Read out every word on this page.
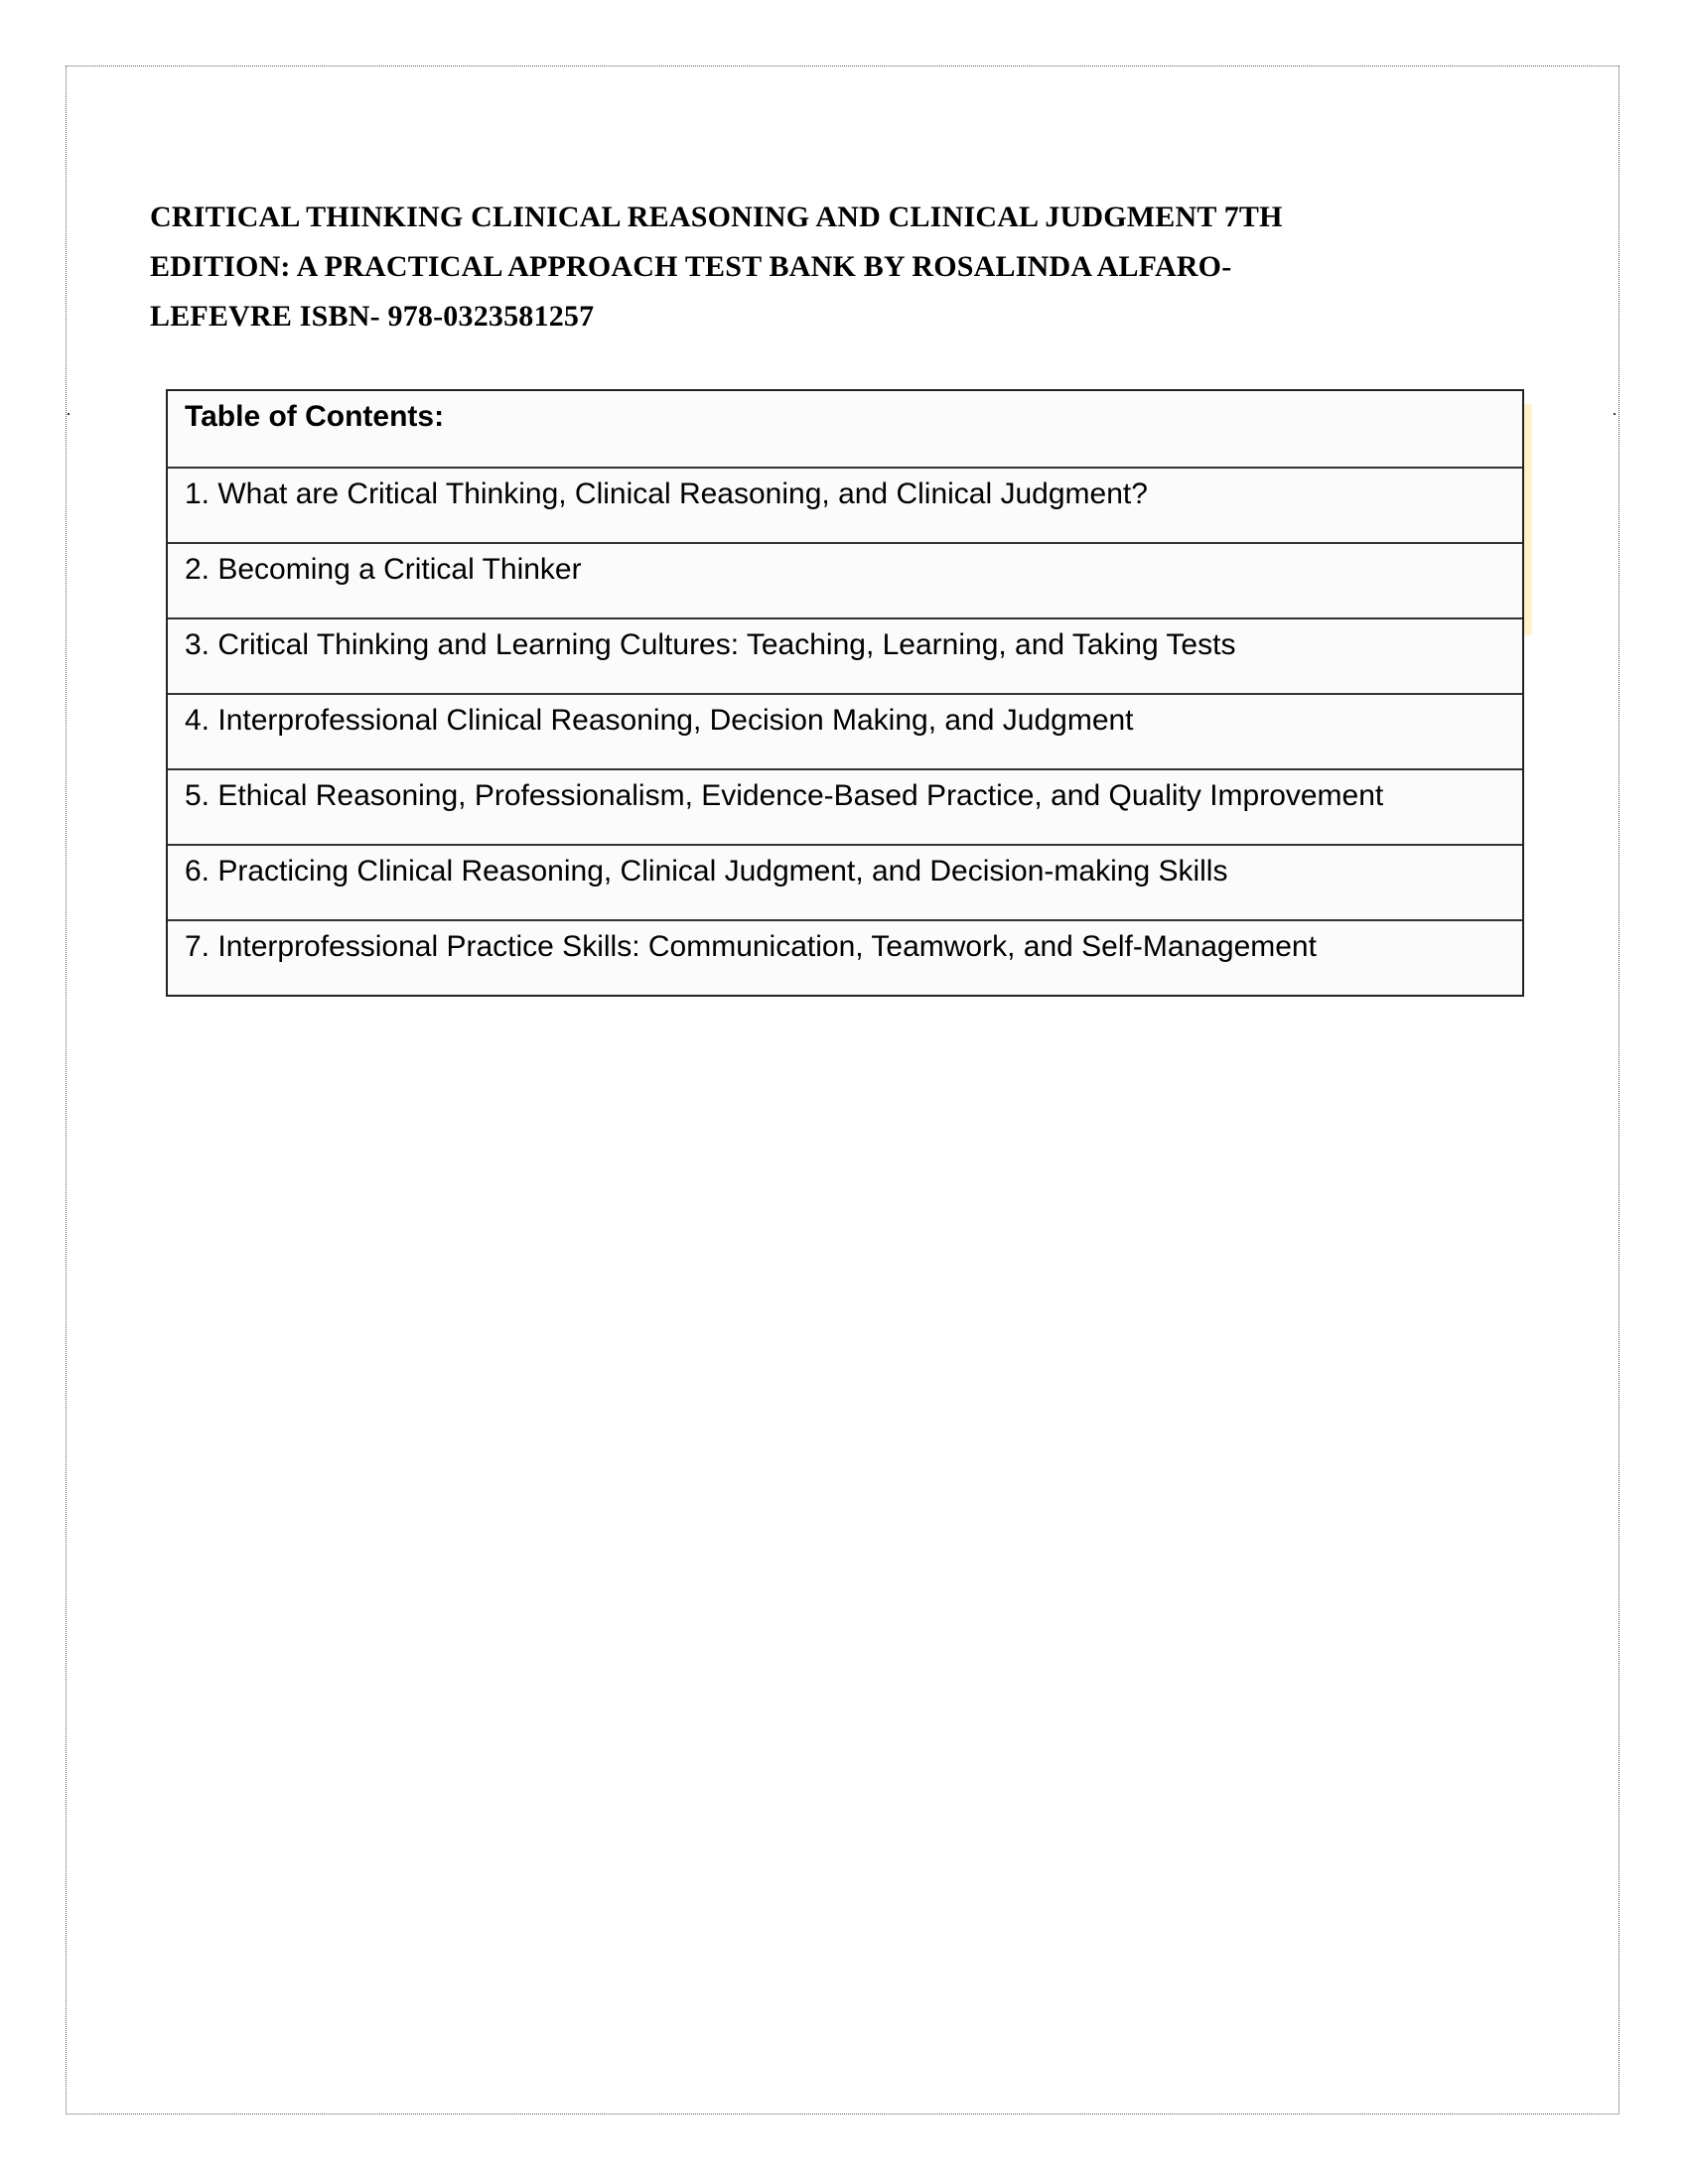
CRITICAL THINKING CLINICAL REASONING AND CLINICAL JUDGMENT 7TH
EDITION: A PRACTICAL APPROACH TEST BANK BY ROSALINDA ALFARO-
LEFEVRE ISBN- 978-0323581257
Table of Contents:
1. What are Critical Thinking, Clinical Reasoning, and Clinical Judgment?
2. Becoming a Critical Thinker
3. Critical Thinking and Learning Cultures: Teaching, Learning, and Taking Tests
4. Interprofessional Clinical Reasoning, Decision Making, and Judgment
5. Ethical Reasoning, Professionalism, Evidence-Based Practice, and Quality Improvement
6. Practicing Clinical Reasoning, Clinical Judgment, and Decision-making Skills
7. Interprofessional Practice Skills: Communication, Teamwork, and Self-Management
